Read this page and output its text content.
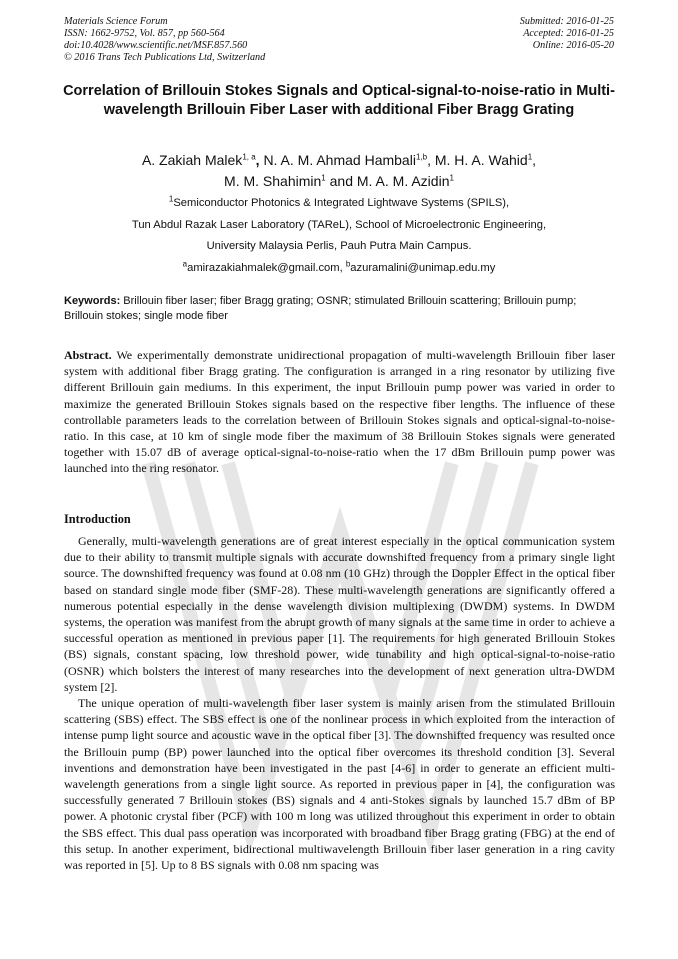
Materials Science Forum
ISSN: 1662-9752, Vol. 857, pp 560-564
doi:10.4028/www.scientific.net/MSF.857.560
© 2016 Trans Tech Publications Ltd, Switzerland
Submitted: 2016-01-25
Accepted: 2016-01-25
Online: 2016-05-20
Correlation of Brillouin Stokes Signals and Optical-signal-to-noise-ratio in Multi-wavelength Brillouin Fiber Laser with additional Fiber Bragg Grating
A. Zakiah Malek$^{1, a}$, N. A. M. Ahmad Hambali$^{1,b}$, M. H. A. Wahid$^1$,
M. M. Shahimin$^1$ and M. A. M. Azidin$^1$
$^1$Semiconductor Photonics & Integrated Lightwave Systems (SPILS),
Tun Abdul Razak Laser Laboratory (TAReL), School of Microelectronic Engineering,
University Malaysia Perlis, Pauh Putra Main Campus.
$^a$amirazakiahmalek@gmail.com, $^b$azuramalini@unimap.edu.my
Keywords: Brillouin fiber laser; fiber Bragg grating; OSNR; stimulated Brillouin scattering; Brillouin pump; Brillouin stokes; single mode fiber

Abstract. We experimentally demonstrate unidirectional propagation of multi-wavelength Brillouin fiber laser system with additional fiber Bragg grating. The configuration is arranged in a ring resonator by utilizing five different Brillouin gain mediums. In this experiment, the input Brillouin pump power was varied in order to maximize the generated Brillouin Stokes signals based on the respective fiber lengths. The influence of these controllable parameters leads to the correlation between of Brillouin Stokes signals and optical-signal-to-noise-ratio. In this case, at 10 km of single mode fiber the maximum of 38 Brillouin Stokes signals were generated together with 15.07 dB of average optical-signal-to-noise-ratio when the 17 dBm Brillouin pump power was launched into the ring resonator.

Introduction

Generally, multi-wavelength generations are of great interest especially in the optical communication system due to their ability to transmit multiple signals with accurate downshifted frequency from a primary single light source. The downshifted frequency was found at 0.08 nm (10 GHz) through the Doppler Effect in the optical fiber based on standard single mode fiber (SMF-28). These multi-wavelength generations are significantly offered a numerous potential especially in the dense wavelength division multiplexing (DWDM) systems. In DWDM systems, the operation was manifest from the abrupt growth of many signals at the same time in order to achieve a successful operation as mentioned in previous paper [1]. The requirements for high generated Brillouin Stokes (BS) signals, constant spacing, low threshold power, wide tunability and high optical-signal-to-noise-ratio (OSNR) which bolsters the interest of many researches into the development of next generation ultra-DWDM system [2].

The unique operation of multi-wavelength fiber laser system is mainly arisen from the stimulated Brillouin scattering (SBS) effect. The SBS effect is one of the nonlinear process in which exploited from the interaction of intense pump light source and acoustic wave in the optical fiber [3]. The downshifted frequency was resulted once the Brillouin pump (BP) power launched into the optical fiber overcomes its threshold condition [3]. Several inventions and demonstration have been investigated in the past [4-6] in order to generate an efficient multi-wavelength generations from a single light source. As reported in previous paper in [4], the configuration was successfully generated 7 Brillouin stokes (BS) signals and 4 anti-Stokes signals by launched 15.7 dBm of BP power. A photonic crystal fiber (PCF) with 100 m long was utilized throughout this experiment in order to obtain the SBS effect. This dual pass operation was incorporated with broadband fiber Bragg grating (FBG) at the end of this setup. In another experiment, bidirectional multiwavelength Brillouin fiber laser generation in a ring cavity was reported in [5]. Up to 8 BS signals with 0.08 nm spacing was
